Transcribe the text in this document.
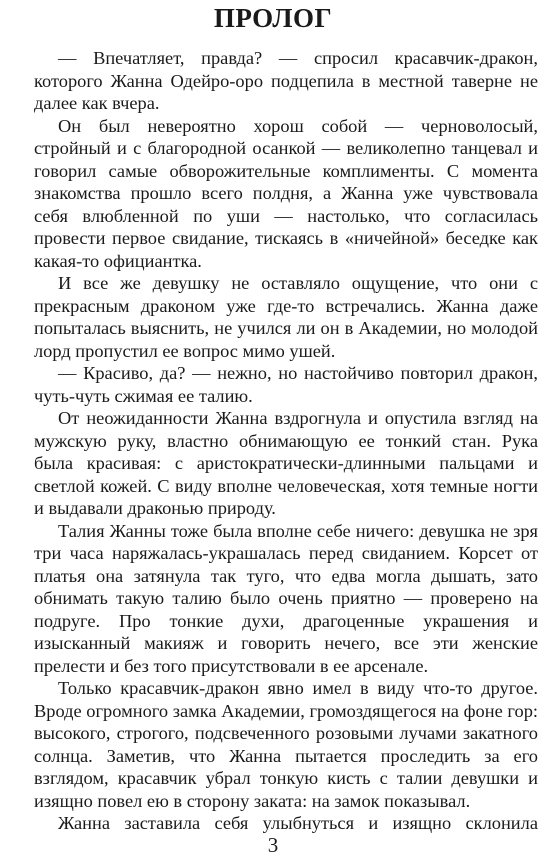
ПРОЛОГ

— Впечатляет, правда? — спросил красавчик-дракон, которого Жанна Одейро-оро подцепила в местной таверне не далее как вчера.

Он был невероятно хорош собой — черноволосый, стройный и с благородной осанкой — великолепно танцевал и говорил самые обворожительные комплименты. С момента знакомства прошло всего полдня, а Жанна уже чувствовала себя влюбленной по уши — настолько, что согласилась провести первое свидание, тискаясь в «ничейной» беседке как какая-то официантка.

И все же девушку не оставляло ощущение, что они с прекрасным драконом уже где-то встречались. Жанна даже попыталась выяснить, не учился ли он в Академии, но молодой лорд пропустил ее вопрос мимо ушей.

— Красиво, да? — нежно, но настойчиво повторил дракон, чуть-чуть сжимая ее талию.

От неожиданности Жанна вздрогнула и опустила взгляд на мужскую руку, властно обнимающую ее тонкий стан. Рука была красивая: с аристократически-длинными пальцами и светлой кожей. С виду вполне человеческая, хотя темные ногти и выдавали драконью природу.

Талия Жанны тоже была вполне себе ничего: девушка не зря три часа наряжалась-украшалась перед свиданием. Корсет от платья она затянула так туго, что едва могла дышать, зато обнимать такую талию было очень приятно — проверено на подруге. Про тонкие духи, драгоценные украшения и изысканный макияж и говорить нечего, все эти женские прелести и без того присутствовали в ее арсенале.

Только красавчик-дракон явно имел в виду что-то другое. Вроде огромного замка Академии, громоздящегося на фоне гор: высокого, строгого, подсвеченного розовыми лучами закатного солнца. Заметив, что Жанна пытается проследить за его взглядом, красавчик убрал тонкую кисть с талии девушки и изящно повел ею в сторону заката: на замок показывал.

Жанна заставила себя улыбнуться и изящно склонила

3
